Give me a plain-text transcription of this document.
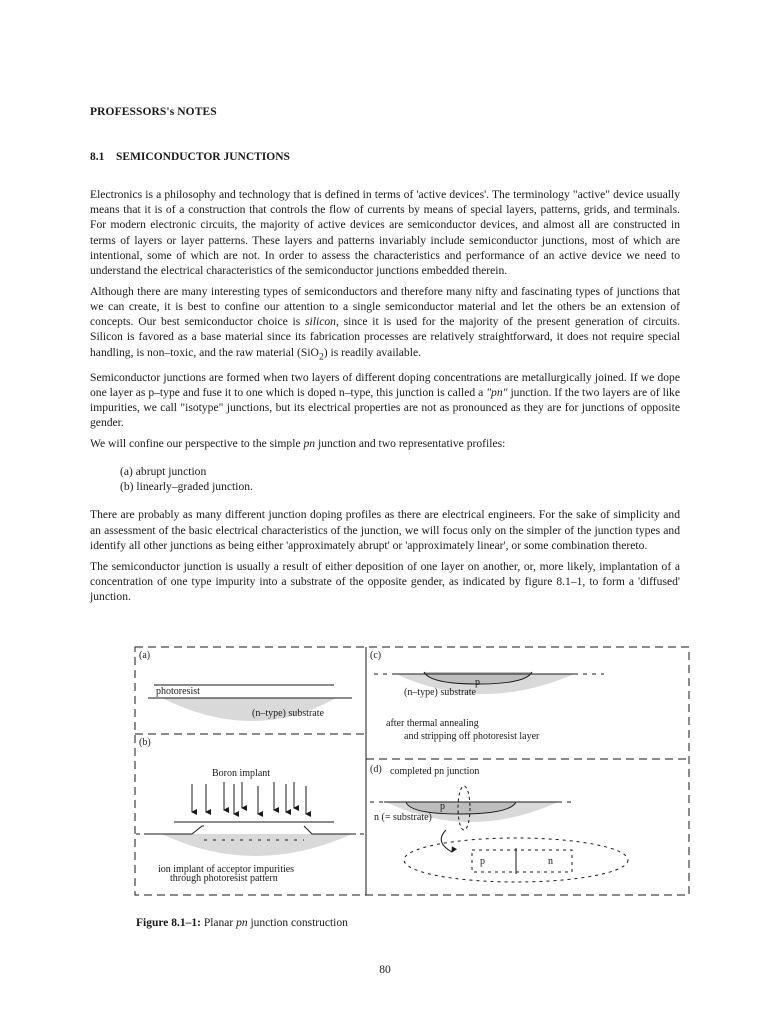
PROFESSORS's NOTES
8.1 SEMICONDUCTOR JUNCTIONS

Electronics is a philosophy and technology that is defined in terms of 'active devices'. The terminology "active" device usually means that it is of a construction that controls the flow of currents by means of special layers, patterns, grids, and terminals. For modern electronic circuits, the majority of active devices are semiconductor devices, and almost all are constructed in terms of layers or layer patterns. These layers and patterns invariably include semiconductor junctions, most of which are intentional, some of which are not. In order to assess the characteristics and performance of an active device we need to understand the electrical characteristics of the semiconductor junctions embedded therein.

Although there are many interesting types of semiconductors and therefore many nifty and fascinating types of junctions that we can create, it is best to confine our attention to a single semiconductor material and let the others be an extension of concepts. Our best semiconductor choice is silicon, since it is used for the majority of the present generation of circuits. Silicon is favored as a base material since its fabrication processes are relatively straightforward, it does not require special handling, is non–toxic, and the raw material (SiO$_2$) is readily available.

Semiconductor junctions are formed when two layers of different doping concentrations are metallurgically joined. If we dope one layer as p–type and fuse it to one which is doped n–type, this junction is called a "pn" junction. If the two layers are of like impurities, we call "isotype" junctions, but its electrical properties are not as pronounced as they are for junctions of opposite gender.

We will confine our perspective to the simple pn junction and two representative profiles:

(a) abrupt junction
(b) linearly–graded junction.

There are probably as many different junction doping profiles as there are electrical engineers. For the sake of simplicity and an assessment of the basic electrical characteristics of the junction, we will focus only on the simpler of the junction types and identify all other junctions as being either 'approximately abrupt' or 'approximately linear', or some combination thereto.

The semiconductor junction is usually a result of either deposition of one layer on another, or, more likely, implantation of a concentration of one type impurity into a substrate of the opposite gender, as indicated by figure 8.1–1, to form a 'diffused' junction.

(a)
photoresist
(n–type) substrate
(b)
Boron implant
ion implant of acceptor impurities
through photoresist pattern
(c)
p
(n–type) substrate
after thermal annealing
and stripping off photoresist layer
(d) completed pn junction
p
n (= substrate)
p	n
Figure 8.1–1: Planar pn junction construction
80
